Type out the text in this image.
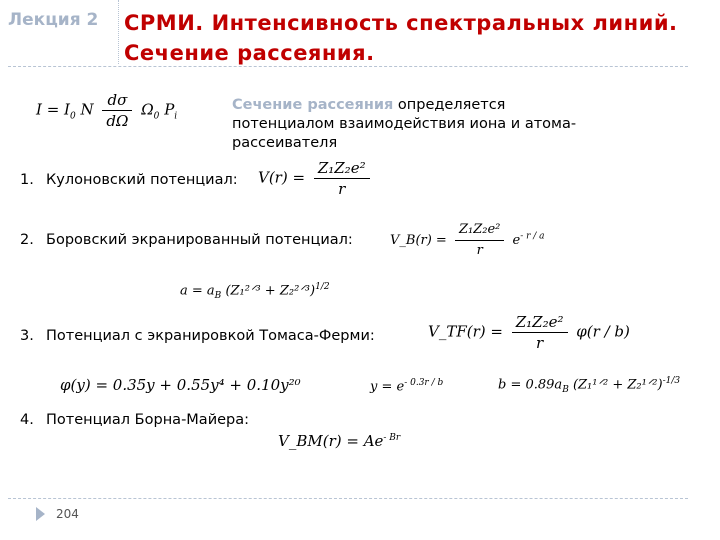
Лекция 2 СРМИ. Интенсивность спектральных линий. Сечение рассеяния.
$I = I_0$ N $\frac{d\sigma}{d\Omega} \Omega_0$ $P_i$
Сечение рассеяния определяется потенциалом взаимодействия иона и атома-рассеивателя
1. Кулоновский потенциал: $V(r) = \frac{\text{Z₁Z₂e²}}{r}$
2. Боровский экранированный потенциал:	V_B(r) = $\frac{\text{Z₁Z₂e²}}{r} e^{- r / a}$
$a = a_B$ (Z₁²ᐟ³ + Z₂²ᐟ³)$^{1/2}$
3. Потенциал с экранировкой Томаса-Ферми:	V_TF(r) = $\frac{\text{Z₁Z₂e²}}{r} \varphi(r / b)$
φ(y) = 0.35y + 0.55y⁴ + 0.10y²⁰	$y = e^{- 0.3r / b}$	$b = 0.89a_B$ (Z₁¹ᐟ² + Z₂¹ᐟ²)$^{-1/3}$
4. Потенциал Борна-Майера:
V_BM(r) = $Ae^{- Br}$
204
